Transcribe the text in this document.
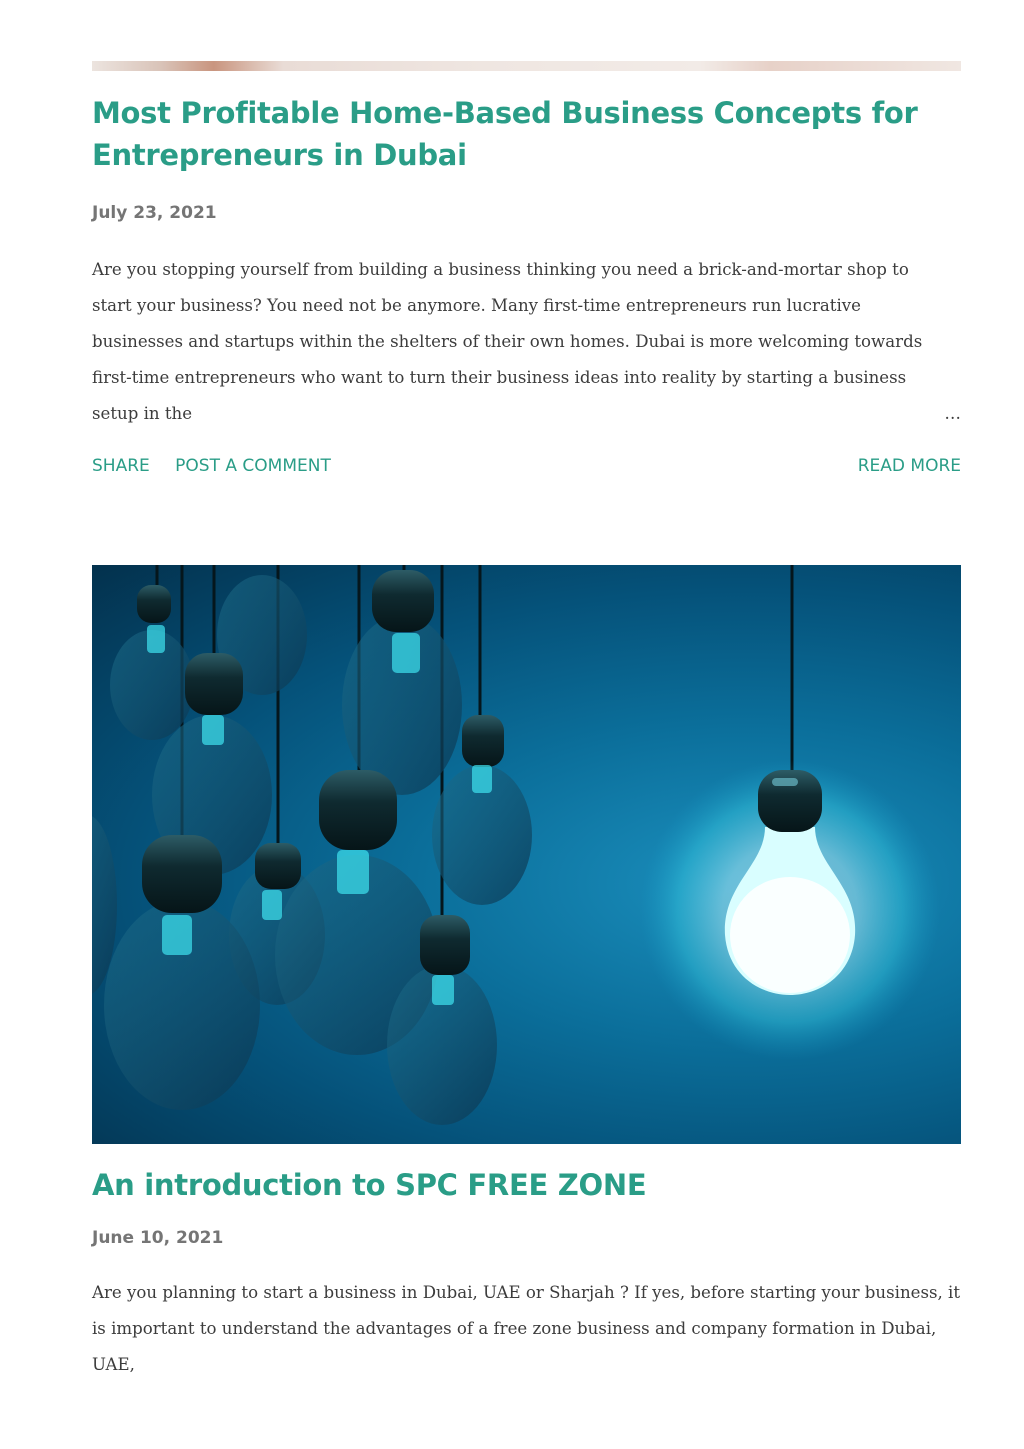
Most Profitable Home-Based Business Concepts for Entrepreneurs in Dubai
July 23, 2021
Are you stopping yourself from building a business thinking you need a brick-and-mortar shop to start your business? You need not be anymore. Many first-time entrepreneurs run lucrative businesses and startups within the shelters of their own homes. Dubai is more welcoming towards first-time entrepreneurs who want to turn their business ideas into reality by starting a business setup in the	…
SHARE POST A COMMENT	READ MORE
An introduction to SPC FREE ZONE
June 10, 2021
Are you planning to start a business in Dubai, UAE or Sharjah ? If yes, before starting your business, it is important to understand the advantages of a free zone business and company formation in Dubai, UAE,
